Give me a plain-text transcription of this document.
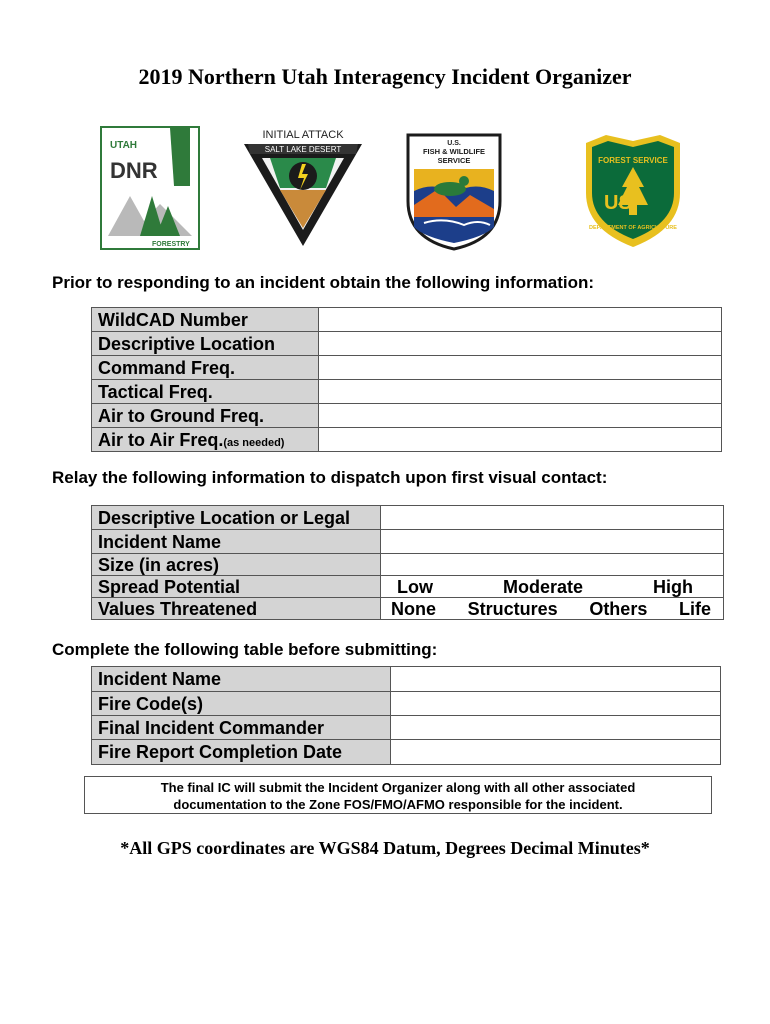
2019 Northern Utah Interagency Incident Organizer
UTAH
DNR
FORESTRY
INITIAL ATTACK
SALT LAKE DESERT
U.S.
FISH & WILDLIFE
SERVICE	FOREST SERVICE
US
DEPARTMENT OF AGRICULTURE
Prior to responding to an incident obtain the following information:
WildCAD Number	
Descriptive Location	
Command Freq.	
Tactical Freq.	
Air to Ground Freq.	
Air to Air Freq.(as needed)	
Relay the following information to dispatch upon first visual contact:
Descriptive Location or Legal	
Incident Name	
Size (in acres)	
Spread Potential	Low Moderate High

Values Threatened	None Structures Others Life
Complete the following table before submitting:
Incident Name	
Fire Code(s)	
Final Incident Commander	
Fire Report Completion Date	
The final IC will submit the Incident Organizer along with all other associated
documentation to the Zone FOS/FMO/AFMO responsible for the incident.
*All GPS coordinates are WGS84 Datum, Degrees Decimal Minutes*
